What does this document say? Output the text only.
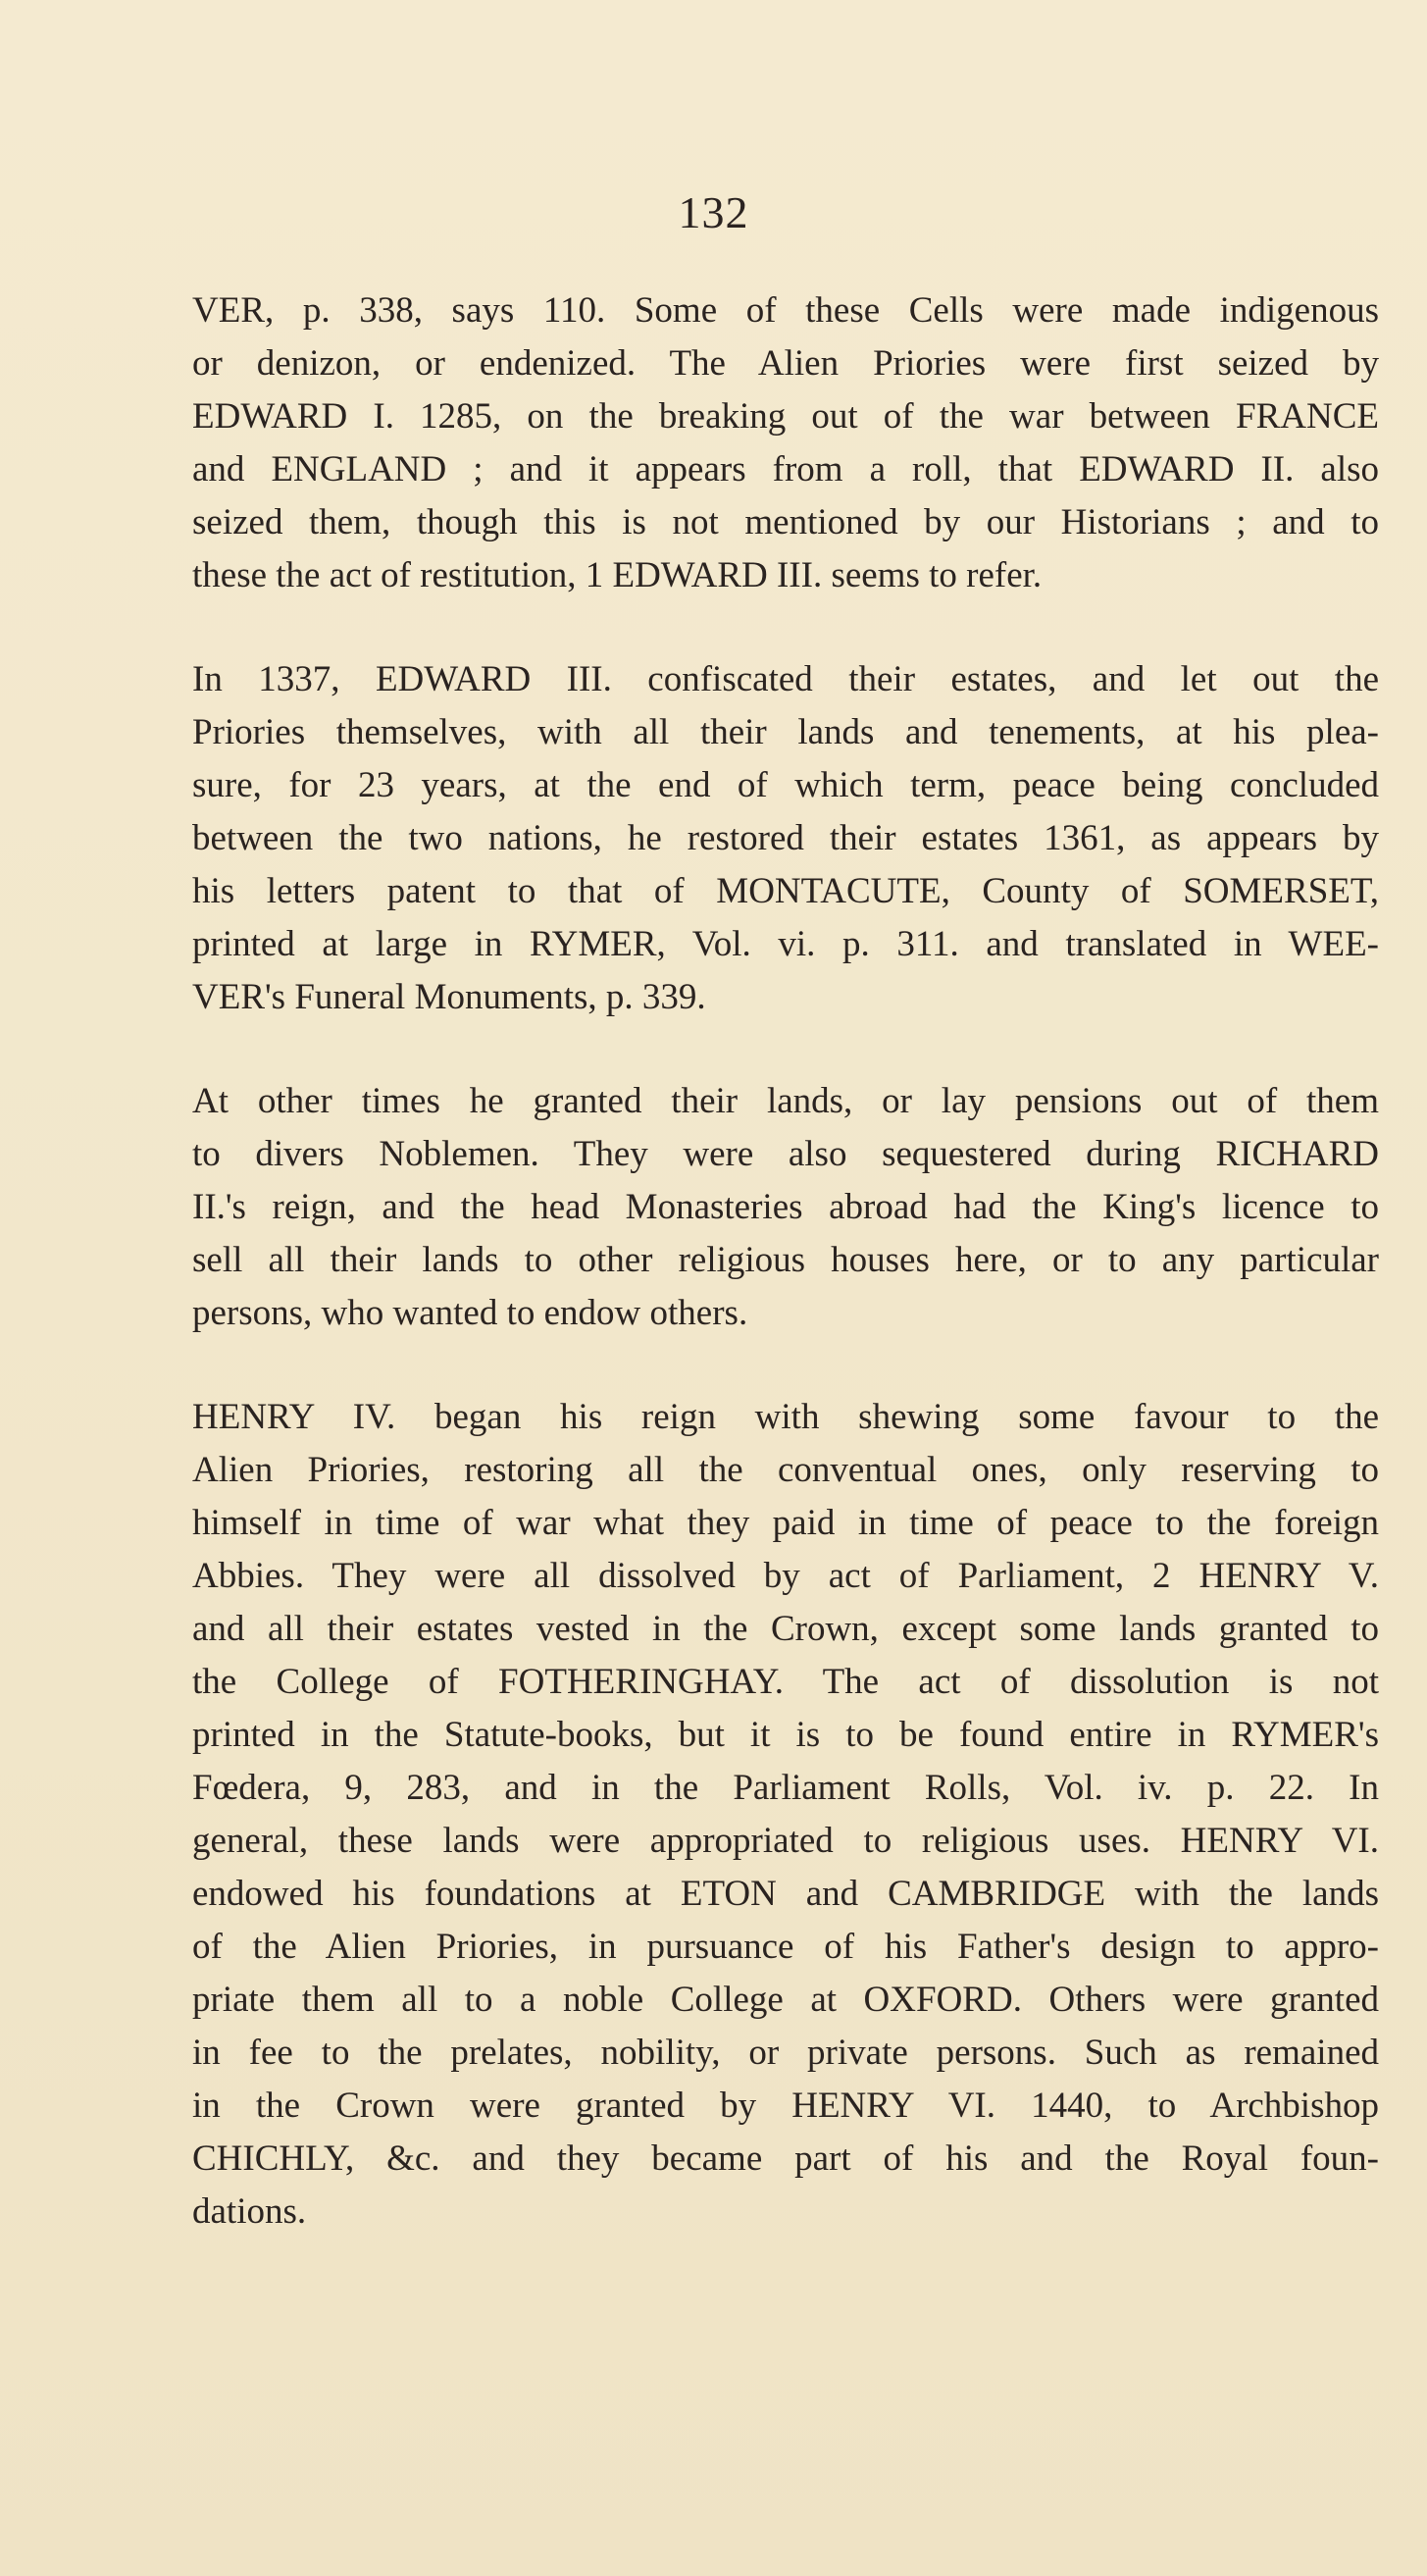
132

VER, p. 338, says 110. Some of these Cells were made indigenous
or denizon, or endenized. The Alien Priories were first seized by
EDWARD I. 1285, on the breaking out of the war between FRANCE
and ENGLAND ; and it appears from a roll, that EDWARD II. also
seized them, though this is not mentioned by our Historians ; and to
these the act of restitution, 1 EDWARD III. seems to refer.

In 1337, EDWARD III. confiscated their estates, and let out the
Priories themselves, with all their lands and tenements, at his plea-
sure, for 23 years, at the end of which term, peace being concluded
between the two nations, he restored their estates 1361, as appears by
his letters patent to that of MONTACUTE, County of SOMERSET,
printed at large in RYMER, Vol. vi. p. 311. and translated in WEE-
VER's Funeral Monuments, p. 339.

At other times he granted their lands, or lay pensions out of them
to divers Noblemen. They were also sequestered during RICHARD
II.'s reign, and the head Monasteries abroad had the King's licence to
sell all their lands to other religious houses here, or to any particular
persons, who wanted to endow others.

HENRY IV. began his reign with shewing some favour to the
Alien Priories, restoring all the conventual ones, only reserving to
himself in time of war what they paid in time of peace to the foreign
Abbies. They were all dissolved by act of Parliament, 2 HENRY V.
and all their estates vested in the Crown, except some lands granted to
the College of FOTHERINGHAY. The act of dissolution is not
printed in the Statute-books, but it is to be found entire in RYMER's
Fœdera, 9, 283, and in the Parliament Rolls, Vol. iv. p. 22. In
general, these lands were appropriated to religious uses. HENRY VI.
endowed his foundations at ETON and CAMBRIDGE with the lands
of the Alien Priories, in pursuance of his Father's design to appro-
priate them all to a noble College at OXFORD. Others were granted
in fee to the prelates, nobility, or private persons. Such as remained
in the Crown were granted by HENRY VI. 1440, to Archbishop
CHICHLY, &c. and they became part of his and the Royal foun-
dations.
